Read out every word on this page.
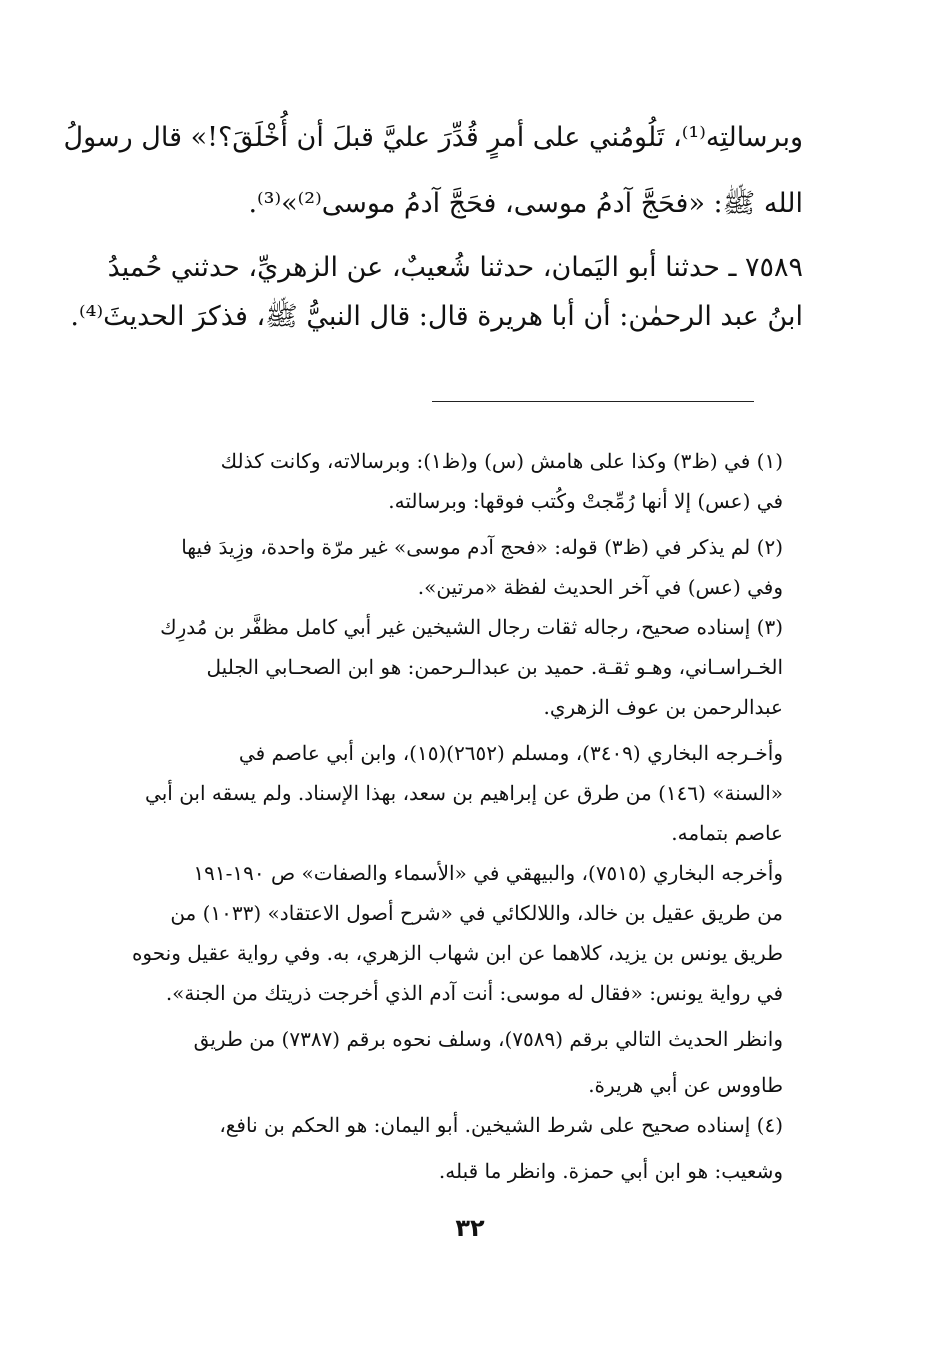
وبرسالتِه⁽¹⁾، تَلُومُني على أمرٍ قُدِّرَ عليَّ قبلَ أن أُخْلَقَ؟!» قال رسولُ
الله ﷺ: «فحَجَّ آدمُ موسى، فحَجَّ آدمُ موسى⁽²⁾»⁽³⁾.
٧٥٨٩ ـ حدثنا أبو اليَمان، حدثنا شُعيبٌ، عن الزهريِّ، حدثني حُميدُ
ابنُ عبد الرحمٰن: أن أبا هريرة قال: قال النبيُّ ﷺ، فذكرَ الحديثَ⁽⁴⁾.
(١) في (ظ٣) وكذا على هامش (س) و(ظ١): وبرسالاته، وكانت كذلك
في (عس) إلا أنها رُمِّجتْ وكُتب فوقها: وبرسالته.
(٢) لم يذكر في (ظ٣) قوله: «فحج آدم موسى» غير مرّة واحدة، وزِيدَ فيها
وفي (عس) في آخر الحديث لفظة «مرتين».
(٣) إسناده صحيح، رجاله ثقات رجال الشيخين غير أبي كامل مظفَّر بن مُدرِك
الخـراسـاني، وهـو ثقـة. حميد بن عبدالـرحمن: هو ابن الصحـابي الجليل
عبدالرحمن بن عوف الزهري.
وأخـرجه البخاري (٣٤٠٩)، ومسلم (٢٦٥٢)(١٥)، وابن أبي عاصم في
«السنة» (١٤٦) من طرق عن إبراهيم بن سعد، بهذا الإسناد. ولم يسقه ابن أبي
عاصم بتمامه.
وأخرجه البخاري (٧٥١٥)، والبيهقي في «الأسماء والصفات» ص ١٩٠-١٩١
من طريق عقيل بن خالد، واللالكائي في «شرح أصول الاعتقاد» (١٠٣٣) من
طريق يونس بن يزيد، كلاهما عن ابن شهاب الزهري، به. وفي رواية عقيل ونحوه
في رواية يونس: «فقال له موسى: أنت آدم الذي أخرجت ذريتك من الجنة».
وانظر الحديث التالي برقم (٧٥٨٩)، وسلف نحوه برقم (٧٣٨٧) من طريق
طاووس عن أبي هريرة.
(٤) إسناده صحيح على شرط الشيخين. أبو اليمان: هو الحكم بن نافع،
وشعيب: هو ابن أبي حمزة. وانظر ما قبله.
٣٢
